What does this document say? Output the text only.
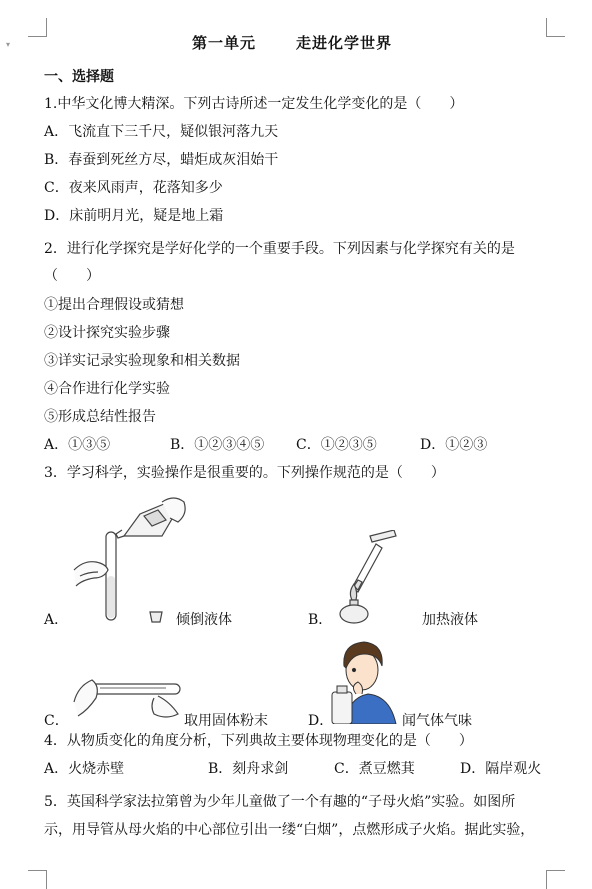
▾	第一单元	走进化学世界
一、选择题
1.中华文化博大精深。下列古诗所述一定发生化学变化的是（　　）
A．飞流直下三千尺，疑似银河落九天
B．春蚕到死丝方尽，蜡炬成灰泪始干
C．夜来风雨声，花落知多少
D．床前明月光，疑是地上霜
2．进行化学探究是学好化学的一个重要手段。下列因素与化学探究有关的是
（　　）
①提出合理假设或猜想
②设计探究实验步骤
③详实记录实验现象和相关数据
④合作进行化学实验
⑤形成总结性报告
A．①③⑤	B．①②③④⑤ C．①②③⑤	D．①②③
3．学习科学，实验操作是很重要的。下列操作规范的是（　　）
A．	倾倒液体	B．	加热液体
C．	取用固体粉末	D．	闻气体气味
4．从物质变化的角度分析，下列典故主要体现物理变化的是（　　）
A．火烧赤壁	B．刻舟求剑	C．煮豆燃萁	D．隔岸观火
5．英国科学家法拉第曾为少年儿童做了一个有趣的“子母火焰”实验。如图所
示，用导管从母火焰的中心部位引出一缕“白烟”，点燃形成子火焰。据此实验，
